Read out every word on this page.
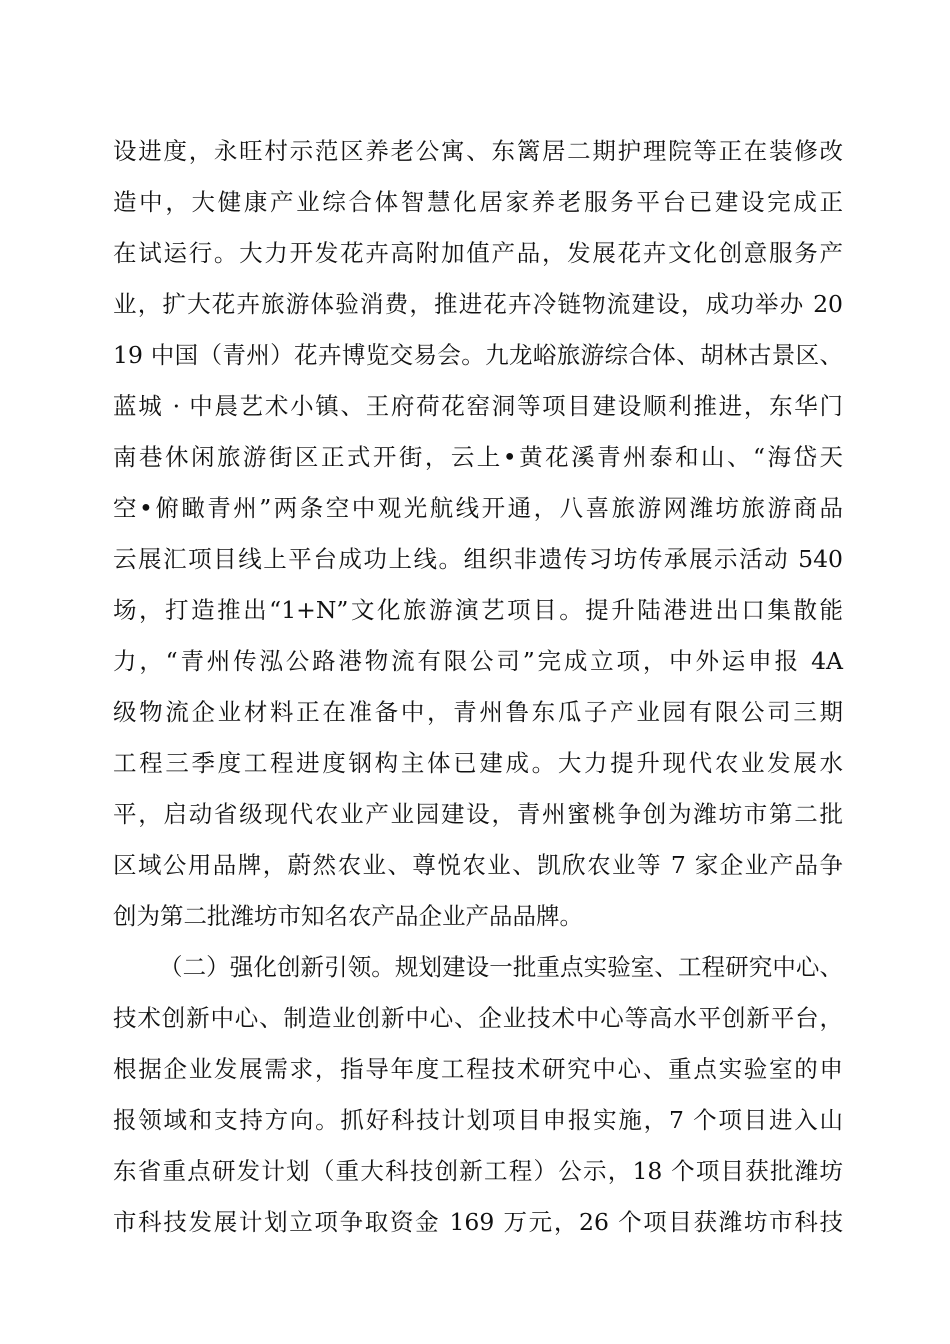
设进度，永旺村示范区养老公寓、东篱居二期护理院等正在装修改
造中，大健康产业综合体智慧化居家养老服务平台已建设完成正
在试运行。大力开发花卉高附加值产品，发展花卉文化创意服务产
业，扩大花卉旅游体验消费，推进花卉冷链物流建设，成功举办 20
19 中国（青州）花卉博览交易会。九龙峪旅游综合体、胡林古景区、
蓝城 · 中晨艺术小镇、王府荷花窑洞等项目建设顺利推进，东华门
南巷休闲旅游街区正式开街，云上•黄花溪青州泰和山、“海岱天
空•俯瞰青州”两条空中观光航线开通，八喜旅游网潍坊旅游商品
云展汇项目线上平台成功上线。组织非遗传习坊传承展示活动 540
场，打造推出“1+N”文化旅游演艺项目。提升陆港进出口集散能
力，“青州传泓公路港物流有限公司”完成立项，中外运申报 4A
级物流企业材料正在准备中，青州鲁东瓜子产业园有限公司三期
工程三季度工程进度钢构主体已建成。大力提升现代农业发展水
平，启动省级现代农业产业园建设，青州蜜桃争创为潍坊市第二批
区域公用品牌，蔚然农业、尊悦农业、凯欣农业等 7 家企业产品争
创为第二批潍坊市知名农产品企业产品品牌。
（二）强化创新引领。规划建设一批重点实验室、工程研究中心、
技术创新中心、制造业创新中心、企业技术中心等高水平创新平台，
根据企业发展需求，指导年度工程技术研究中心、重点实验室的申
报领域和支持方向。抓好科技计划项目申报实施，7 个项目进入山
东省重点研发计划（重大科技创新工程）公示，18 个项目获批潍坊
市科技发展计划立项争取资金 169 万元，26 个项目获潍坊市科技
